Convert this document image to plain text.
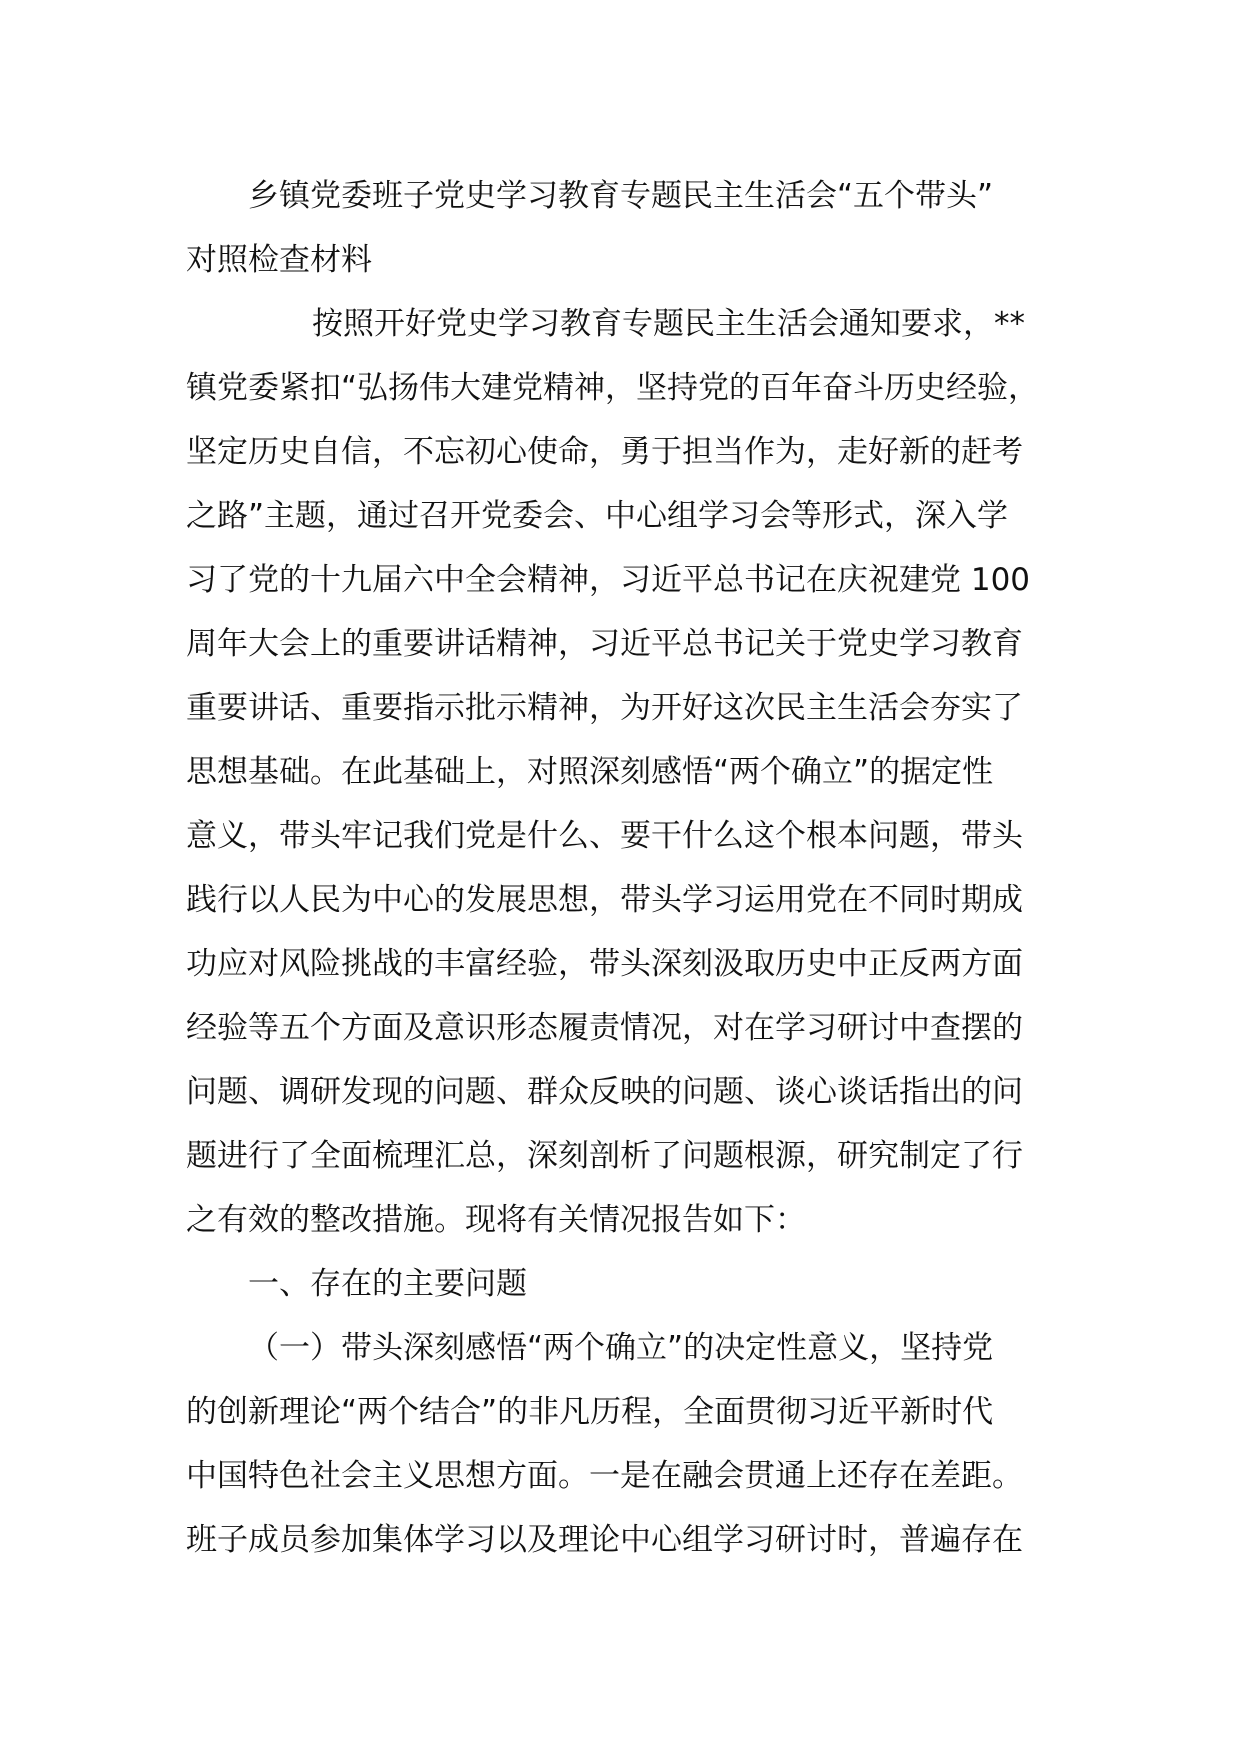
乡镇党委班子党史学习教育专题民主生活会“五个带头”
对照检查材料
按照开好党史学习教育专题民主生活会通知要求，**
镇党委紧扣“弘扬伟大建党精神，坚持党的百年奋斗历史经验，
坚定历史自信，不忘初心使命，勇于担当作为，走好新的赶考
之路”主题，通过召开党委会、中心组学习会等形式，深入学
习了党的十九届六中全会精神，习近平总书记在庆祝建党 100
周年大会上的重要讲话精神，习近平总书记关于党史学习教育
重要讲话、重要指示批示精神，为开好这次民主生活会夯实了
思想基础。在此基础上，对照深刻感悟“两个确立”的据定性
意义，带头牢记我们党是什么、要干什么这个根本问题，带头
践行以人民为中心的发展思想，带头学习运用党在不同时期成
功应对风险挑战的丰富经验，带头深刻汲取历史中正反两方面
经验等五个方面及意识形态履责情况，对在学习研讨中查摆的
问题、调研发现的问题、群众反映的问题、谈心谈话指出的问
题进行了全面梳理汇总，深刻剖析了问题根源，研究制定了行
之有效的整改措施。现将有关情况报告如下：
一、存在的主要问题
（一）带头深刻感悟“两个确立”的决定性意义，坚持党
的创新理论“两个结合”的非凡历程，全面贯彻习近平新时代
中国特色社会主义思想方面。一是在融会贯通上还存在差距。
班子成员参加集体学习以及理论中心组学习研讨时，普遍存在
